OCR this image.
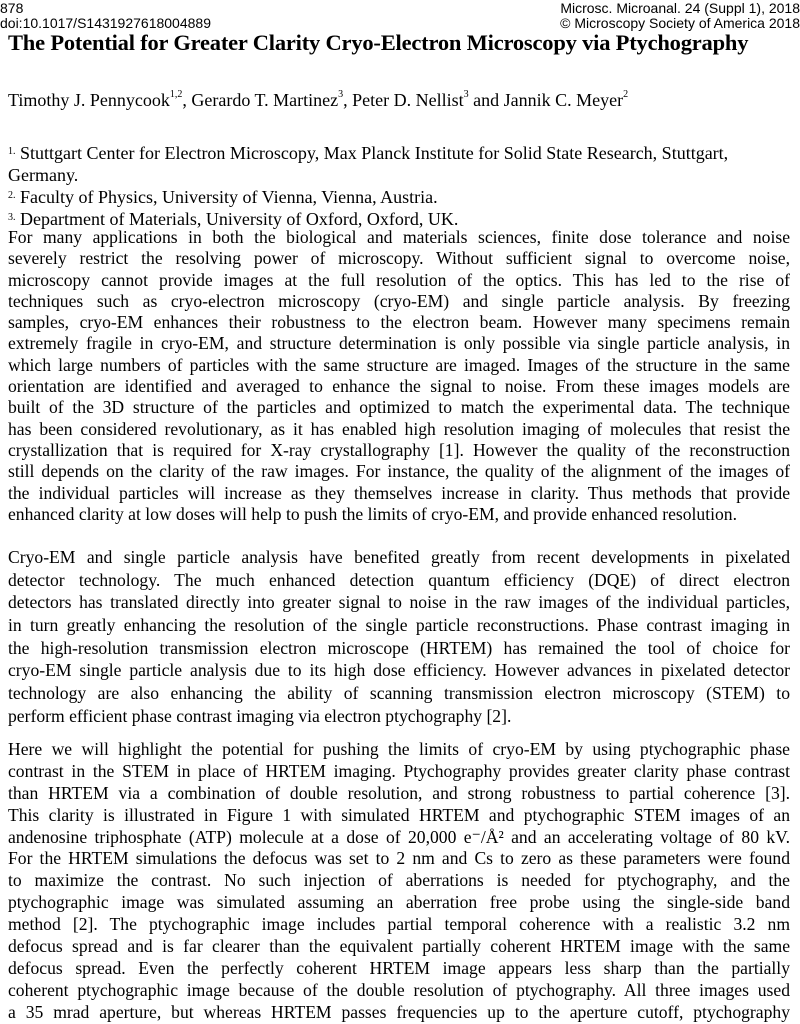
878
doi:10.1017/S1431927618004889
Microsc. Microanal. 24 (Suppl 1), 2018
© Microscopy Society of America 2018
The Potential for Greater Clarity Cryo-Electron Microscopy via Ptychography
Timothy J. Pennycook$^{1,2}$, Gerardo T. Martinez$^3$, Peter D. Nellist$^3$ and Jannik C. Meyer$^2$
$^{1.}$ Stuttgart Center for Electron Microscopy, Max Planck Institute for Solid State Research, Stuttgart,
Germany.
$^{2.}$ Faculty of Physics, University of Vienna, Vienna, Austria.
$^{3.}$ Department of Materials, University of Oxford, Oxford, UK.
For many applications in both the biological and materials sciences, finite dose tolerance and noise
severely restrict the resolving power of microscopy. Without sufficient signal to overcome noise,
microscopy cannot provide images at the full resolution of the optics. This has led to the rise of
techniques such as cryo-electron microscopy (cryo-EM) and single particle analysis. By freezing
samples, cryo-EM enhances their robustness to the electron beam. However many specimens remain
extremely fragile in cryo-EM, and structure determination is only possible via single particle analysis, in
which large numbers of particles with the same structure are imaged. Images of the structure in the same
orientation are identified and averaged to enhance the signal to noise. From these images models are
built of the 3D structure of the particles and optimized to match the experimental data. The technique
has been considered revolutionary, as it has enabled high resolution imaging of molecules that resist the
crystallization that is required for X-ray crystallography [1]. However the quality of the reconstruction
still depends on the clarity of the raw images. For instance, the quality of the alignment of the images of
the individual particles will increase as they themselves increase in clarity. Thus methods that provide
enhanced clarity at low doses will help to push the limits of cryo-EM, and provide enhanced resolution.
Cryo-EM and single particle analysis have benefited greatly from recent developments in pixelated
detector technology. The much enhanced detection quantum efficiency (DQE) of direct electron
detectors has translated directly into greater signal to noise in the raw images of the individual particles,
in turn greatly enhancing the resolution of the single particle reconstructions. Phase contrast imaging in
the high-resolution transmission electron microscope (HRTEM) has remained the tool of choice for
cryo-EM single particle analysis due to its high dose efficiency. However advances in pixelated detector
technology are also enhancing the ability of scanning transmission electron microscopy (STEM) to
perform efficient phase contrast imaging via electron ptychography [2].
Here we will highlight the potential for pushing the limits of cryo-EM by using ptychographic phase
contrast in the STEM in place of HRTEM imaging. Ptychography provides greater clarity phase contrast
than HRTEM via a combination of double resolution, and strong robustness to partial coherence [3].
This clarity is illustrated in Figure 1 with simulated HRTEM and ptychographic STEM images of an
andenosine triphosphate (ATP) molecule at a dose of 20,000 e⁻/Å² and an accelerating voltage of 80 kV.
For the HRTEM simulations the defocus was set to 2 nm and Cs to zero as these parameters were found
to maximize the contrast. No such injection of aberrations is needed for ptychography, and the
ptychographic image was simulated assuming an aberration free probe using the single-side band
method [2]. The ptychographic image includes partial temporal coherence with a realistic 3.2 nm
defocus spread and is far clearer than the equivalent partially coherent HRTEM image with the same
defocus spread. Even the perfectly coherent HRTEM image appears less sharp than the partially
coherent ptychographic image because of the double resolution of ptychography. All three images used
a 35 mrad aperture, but whereas HRTEM passes frequencies up to the aperture cutoff, ptychography
